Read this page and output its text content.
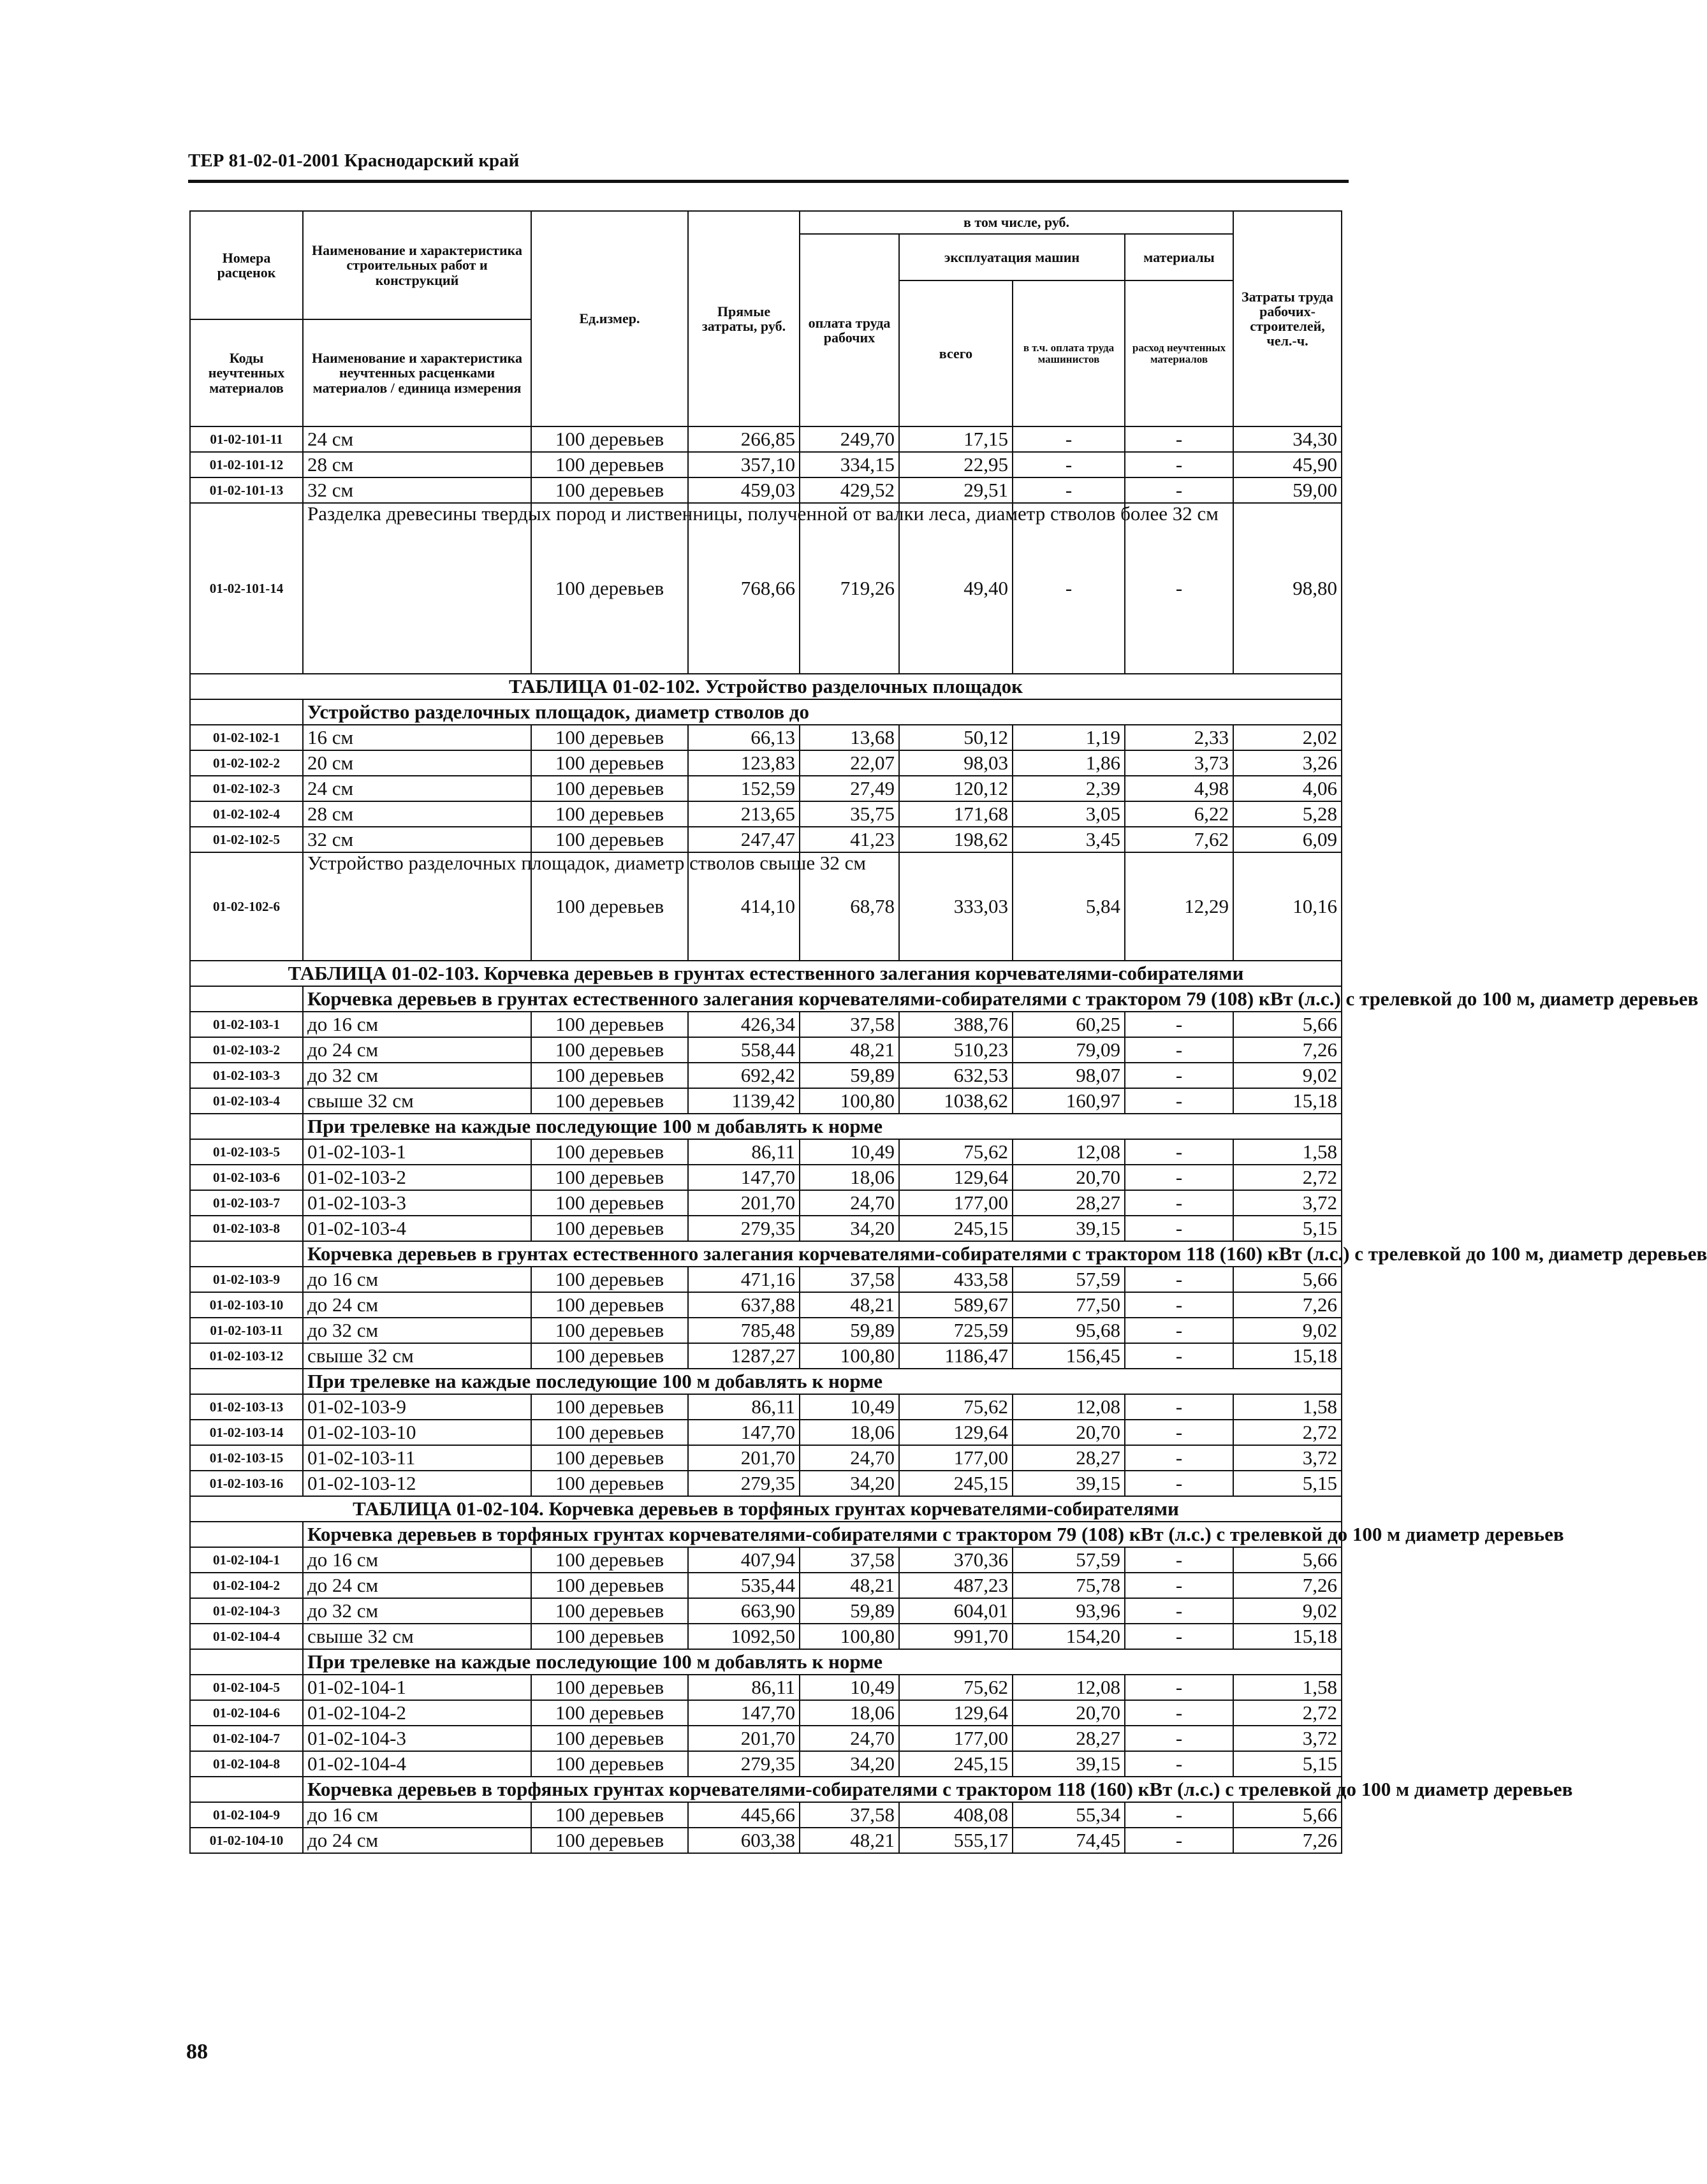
ТЕР 81-02-01-2001 Краснодарский край
Номера расценок	Наименование и характеристика строительных работ и конструкций	Ед.измер.	Прямые затраты, руб.	в том числе, руб.				Затраты труда рабочих-строителей, чел.-ч.
				оплата труда рабочих	эксплуатация машин		материалы	
					всего	в т.ч. оплата труда машинистов	расход неучтенных материалов	
Коды неучтенных материалов	Наименование и характеристика неучтенных расценками материалов / единица измерения							

01-02-101-11	24 см	100 деревьев	266,85	249,70	17,15	-	-	34,30
01-02-101-12	28 см	100 деревьев	357,10	334,15	22,95	-	-	45,90
01-02-101-13	32 см	100 деревьев	459,03	429,52	29,51	-	-	59,00
01-02-101-14	Разделка древесины твердых пород и лиственницы, полученной от валки леса, диаметр стволов более 32 см	100 деревьев	768,66	719,26	49,40	-	-	98,80
ТАБЛИЦА 01-02-102. Устройство разделочных площадок								
	Устройство разделочных площадок, диаметр стволов до							
01-02-102-1	16 см	100 деревьев	66,13	13,68	50,12	1,19	2,33	2,02
01-02-102-2	20 см	100 деревьев	123,83	22,07	98,03	1,86	3,73	3,26
01-02-102-3	24 см	100 деревьев	152,59	27,49	120,12	2,39	4,98	4,06
01-02-102-4	28 см	100 деревьев	213,65	35,75	171,68	3,05	6,22	5,28
01-02-102-5	32 см	100 деревьев	247,47	41,23	198,62	3,45	7,62	6,09
01-02-102-6	Устройство разделочных площадок, диаметр стволов свыше 32 см	100 деревьев	414,10	68,78	333,03	5,84	12,29	10,16
ТАБЛИЦА 01-02-103. Корчевка деревьев в грунтах естественного залегания корчевателями-собирателями								
	Корчевка деревьев в грунтах естественного залегания корчевателями-собирателями с трактором 79 (108) кВт (л.с.) с трелевкой до 100 м, диаметр деревьев							
01-02-103-1	до 16 см	100 деревьев	426,34	37,58	388,76	60,25	-	5,66
01-02-103-2	до 24 см	100 деревьев	558,44	48,21	510,23	79,09	-	7,26
01-02-103-3	до 32 см	100 деревьев	692,42	59,89	632,53	98,07	-	9,02
01-02-103-4	свыше 32 см	100 деревьев	1139,42	100,80	1038,62	160,97	-	15,18
	При трелевке на каждые последующие 100 м добавлять к норме							
01-02-103-5	01-02-103-1	100 деревьев	86,11	10,49	75,62	12,08	-	1,58
01-02-103-6	01-02-103-2	100 деревьев	147,70	18,06	129,64	20,70	-	2,72
01-02-103-7	01-02-103-3	100 деревьев	201,70	24,70	177,00	28,27	-	3,72
01-02-103-8	01-02-103-4	100 деревьев	279,35	34,20	245,15	39,15	-	5,15
	Корчевка деревьев в грунтах естественного залегания корчевателями-собирателями с трактором 118 (160) кВт (л.с.) с трелевкой до 100 м, диаметр деревьев							
01-02-103-9	до 16 см	100 деревьев	471,16	37,58	433,58	57,59	-	5,66
01-02-103-10	до 24 см	100 деревьев	637,88	48,21	589,67	77,50	-	7,26
01-02-103-11	до 32 см	100 деревьев	785,48	59,89	725,59	95,68	-	9,02
01-02-103-12	свыше 32 см	100 деревьев	1287,27	100,80	1186,47	156,45	-	15,18
	При трелевке на каждые последующие 100 м добавлять к норме							
01-02-103-13	01-02-103-9	100 деревьев	86,11	10,49	75,62	12,08	-	1,58
01-02-103-14	01-02-103-10	100 деревьев	147,70	18,06	129,64	20,70	-	2,72
01-02-103-15	01-02-103-11	100 деревьев	201,70	24,70	177,00	28,27	-	3,72
01-02-103-16	01-02-103-12	100 деревьев	279,35	34,20	245,15	39,15	-	5,15
ТАБЛИЦА 01-02-104. Корчевка деревьев в торфяных грунтах корчевателями-собирателями								
	Корчевка деревьев в торфяных грунтах корчевателями-собирателями с трактором 79 (108) кВт (л.с.) с трелевкой до 100 м диаметр деревьев							
01-02-104-1	до 16 см	100 деревьев	407,94	37,58	370,36	57,59	-	5,66
01-02-104-2	до 24 см	100 деревьев	535,44	48,21	487,23	75,78	-	7,26
01-02-104-3	до 32 см	100 деревьев	663,90	59,89	604,01	93,96	-	9,02
01-02-104-4	свыше 32 см	100 деревьев	1092,50	100,80	991,70	154,20	-	15,18
	При трелевке на каждые последующие 100 м добавлять к норме							
01-02-104-5	01-02-104-1	100 деревьев	86,11	10,49	75,62	12,08	-	1,58
01-02-104-6	01-02-104-2	100 деревьев	147,70	18,06	129,64	20,70	-	2,72
01-02-104-7	01-02-104-3	100 деревьев	201,70	24,70	177,00	28,27	-	3,72
01-02-104-8	01-02-104-4	100 деревьев	279,35	34,20	245,15	39,15	-	5,15
	Корчевка деревьев в торфяных грунтах корчевателями-собирателями с трактором 118 (160) кВт (л.с.) с трелевкой до 100 м диаметр деревьев							
01-02-104-9	до 16 см	100 деревьев	445,66	37,58	408,08	55,34	-	5,66
01-02-104-10	до 24 см	100 деревьев	603,38	48,21	555,17	74,45	-	7,26
88
